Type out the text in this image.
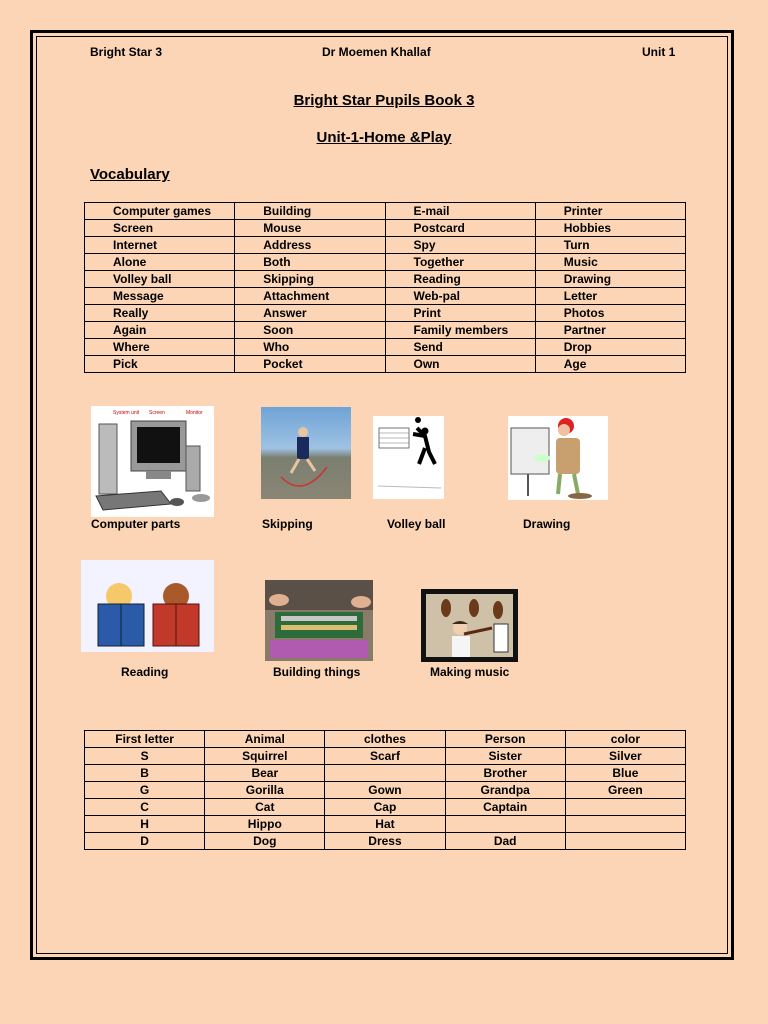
Bright Star 3	Dr Moemen Khallaf	Unit 1
Bright Star Pupils Book 3
Unit-1-Home &Play
Vocabulary
Computer games	Building	E-mail	Printer
Screen	Mouse	Postcard	Hobbies
Internet	Address	Spy	Turn
Alone	Both	Together	Music
Volley ball	Skipping	Reading	Drawing
Message	Attachment	Web-pal	Letter
Really	Answer	Print	Photos
Again	Soon	Family members	Partner
Where	Who	Send	Drop
Pick	Pocket	Own	Age
System unit Screen	Monitor
Computer parts	Skipping	Volley ball	Drawing
Reading	Building things	Making music
First letter	Animal	clothes	Person	color
S	Squirrel	Scarf	Sister	Silver
B	Bear		Brother	Blue
G	Gorilla	Gown	Grandpa	Green
C	Cat	Cap	Captain	
H	Hippo	Hat		
D	Dog	Dress	Dad	
